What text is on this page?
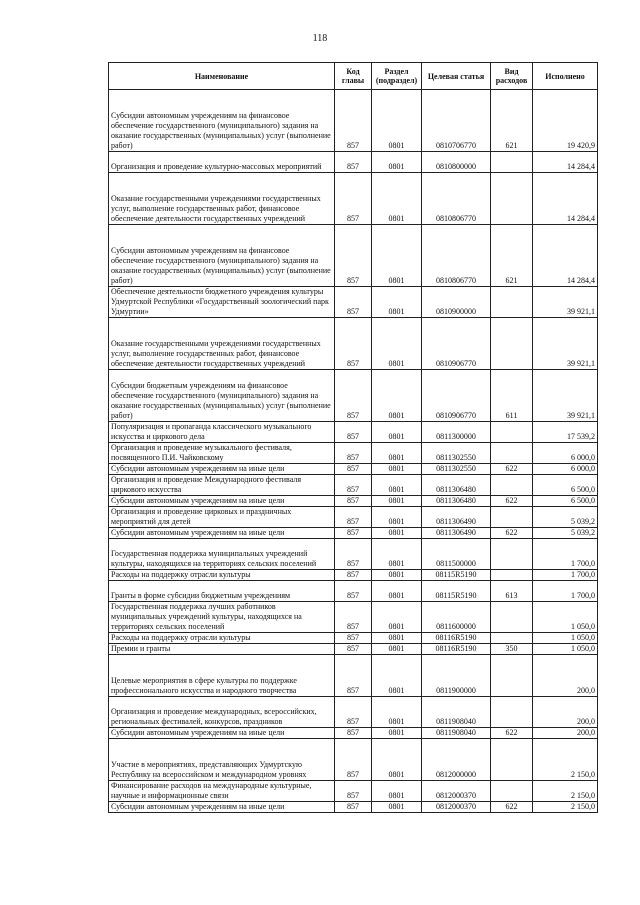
118
Наименование	Код главы	Раздел (подраздел)	Целевая статья	Вид расходов	Исполнено
Субсидии автономным учреждениям на финансовое обеспечение государственного (муниципального) задания на оказание государственных (муниципальных) услуг (выполнение работ)	857	0801	0810706770	621	19 420,9
Организация и проведение культурно-массовых мероприятий	857	0801	0810800000		14 284,4
Оказание государственными учреждениями государственных услуг, выполнение государственных работ, финансовое обеспечение деятельности государственных учреждений	857	0801	0810806770		14 284,4
Субсидии автономным учреждениям на финансовое обеспечение государственного (муниципального) задания на оказание государственных (муниципальных) услуг (выполнение работ)	857	0801	0810806770	621	14 284,4
Обеспечение деятельности бюджетного учреждения культуры Удмуртской Республики «Государственный зоологический парк Удмуртии»	857	0801	0810900000		39 921,1
Оказание государственными учреждениями государственных услуг, выполнение государственных работ, финансовое обеспечение деятельности государственных учреждений	857	0801	0810906770		39 921,1
Субсидии бюджетным учреждениям на финансовое обеспечение государственного (муниципального) задания на оказание государственных (муниципальных) услуг (выполнение работ)	857	0801	0810906770	611	39 921,1
Популяризация и пропаганда классического музыкального искусства и циркового дела	857	0801	0811300000		17 539,2
Организация и проведение музыкального фестиваля, посвященного П.И. Чайковскому	857	0801	0811302550		6 000,0
Субсидии автономным учреждениям на иные цели	857	0801	0811302550	622	6 000,0
Организация и проведение Международного фестиваля циркового искусства	857	0801	0811306480		6 500,0
Субсидии автономным учреждениям на иные цели	857	0801	0811306480	622	6 500,0
Организация и проведение цирковых и праздничных мероприятий для детей	857	0801	0811306490		5 039,2
Субсидии автономным учреждениям на иные цели	857	0801	0811306490	622	5 039,2
Государственная поддержка муниципальных учреждений культуры, находящихся на территориях сельских поселений	857	0801	0811500000		1 700,0
Расходы на поддержку отрасли культуры	857	0801	08115R5190		1 700,0
Гранты в форме субсидии бюджетным учреждениям	857	0801	08115R5190	613	1 700,0
Государственная поддержка лучших работников муниципальных учреждений культуры, находящихся на территориях сельских поселений	857	0801	0811600000		1 050,0
Расходы на поддержку отрасли культуры	857	0801	08116R5190		1 050,0
Премии и гранты	857	0801	08116R5190	350	1 050,0
Целевые мероприятия в сфере культуры по поддержке профессионального искусства и народного творчества	857	0801	0811900000		200,0
Организация и проведение международных, всероссийских, региональных фестивалей, конкурсов, праздников	857	0801	0811908040		200,0
Субсидии автономным учреждениям на иные цели	857	0801	0811908040	622	200,0
Участие в мероприятиях, представляющих Удмуртскую Республику на всероссийском и международном уровнях	857	0801	0812000000		2 150,0
Финансирование расходов на международные культурные, научные и информационные связи	857	0801	0812000370		2 150,0
Субсидии автономным учреждениям на иные цели	857	0801	0812000370	622	2 150,0
